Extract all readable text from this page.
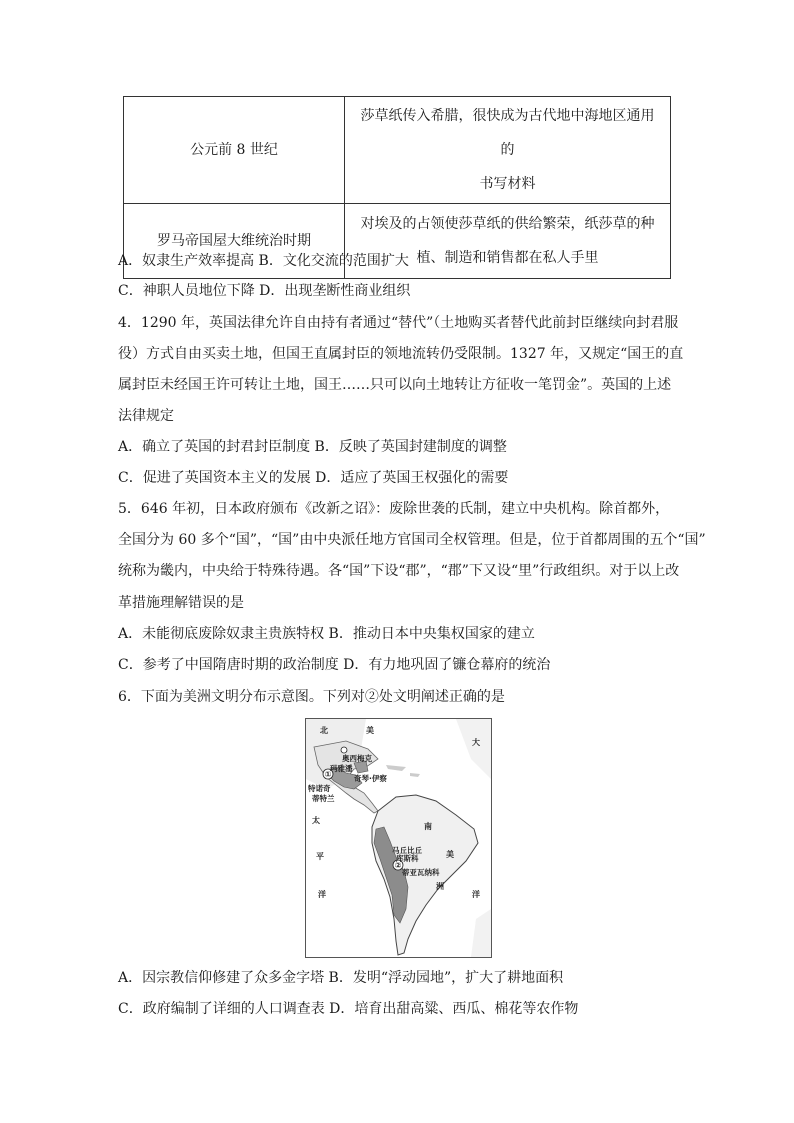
公元前 8 世纪	莎草纸传入希腊，很快成为古代地中海地区通用的
书写材料

罗马帝国屋大维统治时期	对埃及的占领使莎草纸的供给繁荣，纸莎草的种
植、制造和销售都在私人手里
A．奴隶生产效率提高 B．文化交流的范围扩大
C．神职人员地位下降 D．出现垄断性商业组织
4．1290 年，英国法律允许自由持有者通过“替代”（土地购买者替代此前封臣继续向封君服
役）方式自由买卖土地，但国王直属封臣的领地流转仍受限制。1327 年，又规定“国王的直
属封臣未经国王许可转让土地，国王……只可以向土地转让方征收一笔罚金”。英国的上述
法律规定
A．确立了英国的封君封臣制度 B．反映了英国封建制度的调整
C．促进了英国资本主义的发展 D．适应了英国王权强化的需要
5．646 年初，日本政府颁布《改新之诏》：废除世袭的氏制，建立中央机构。除首都外，
全国分为 60 多个“国”，“国”由中央派任地方官国司全权管理。但是，位于首都周围的五个“国”
统称为畿内，中央给于特殊待遇。各“国”下设“郡”，“郡”下又设“里”行政组织。对于以上改
革措施理解错误的是
A．未能彻底废除奴隶主贵族特权 B．推动日本中央集权国家的建立
C．参考了中国隋唐时期的政治制度 D．有力地巩固了镰仓幕府的统治
6．下面为美洲文明分布示意图。下列对②处文明阐述正确的是
①
②
北	美
大
太
平
洋
南
美
洲
洋
奥西梅克
玛雅潘
奇琴·伊察
特诺奇
蒂特兰
马丘比丘
库斯科
蒂亚瓦纳科
A．因宗教信仰修建了众多金字塔 B．发明“浮动园地”，扩大了耕地面积
C．政府编制了详细的人口调查表 D．培育出甜高粱、西瓜、棉花等农作物
